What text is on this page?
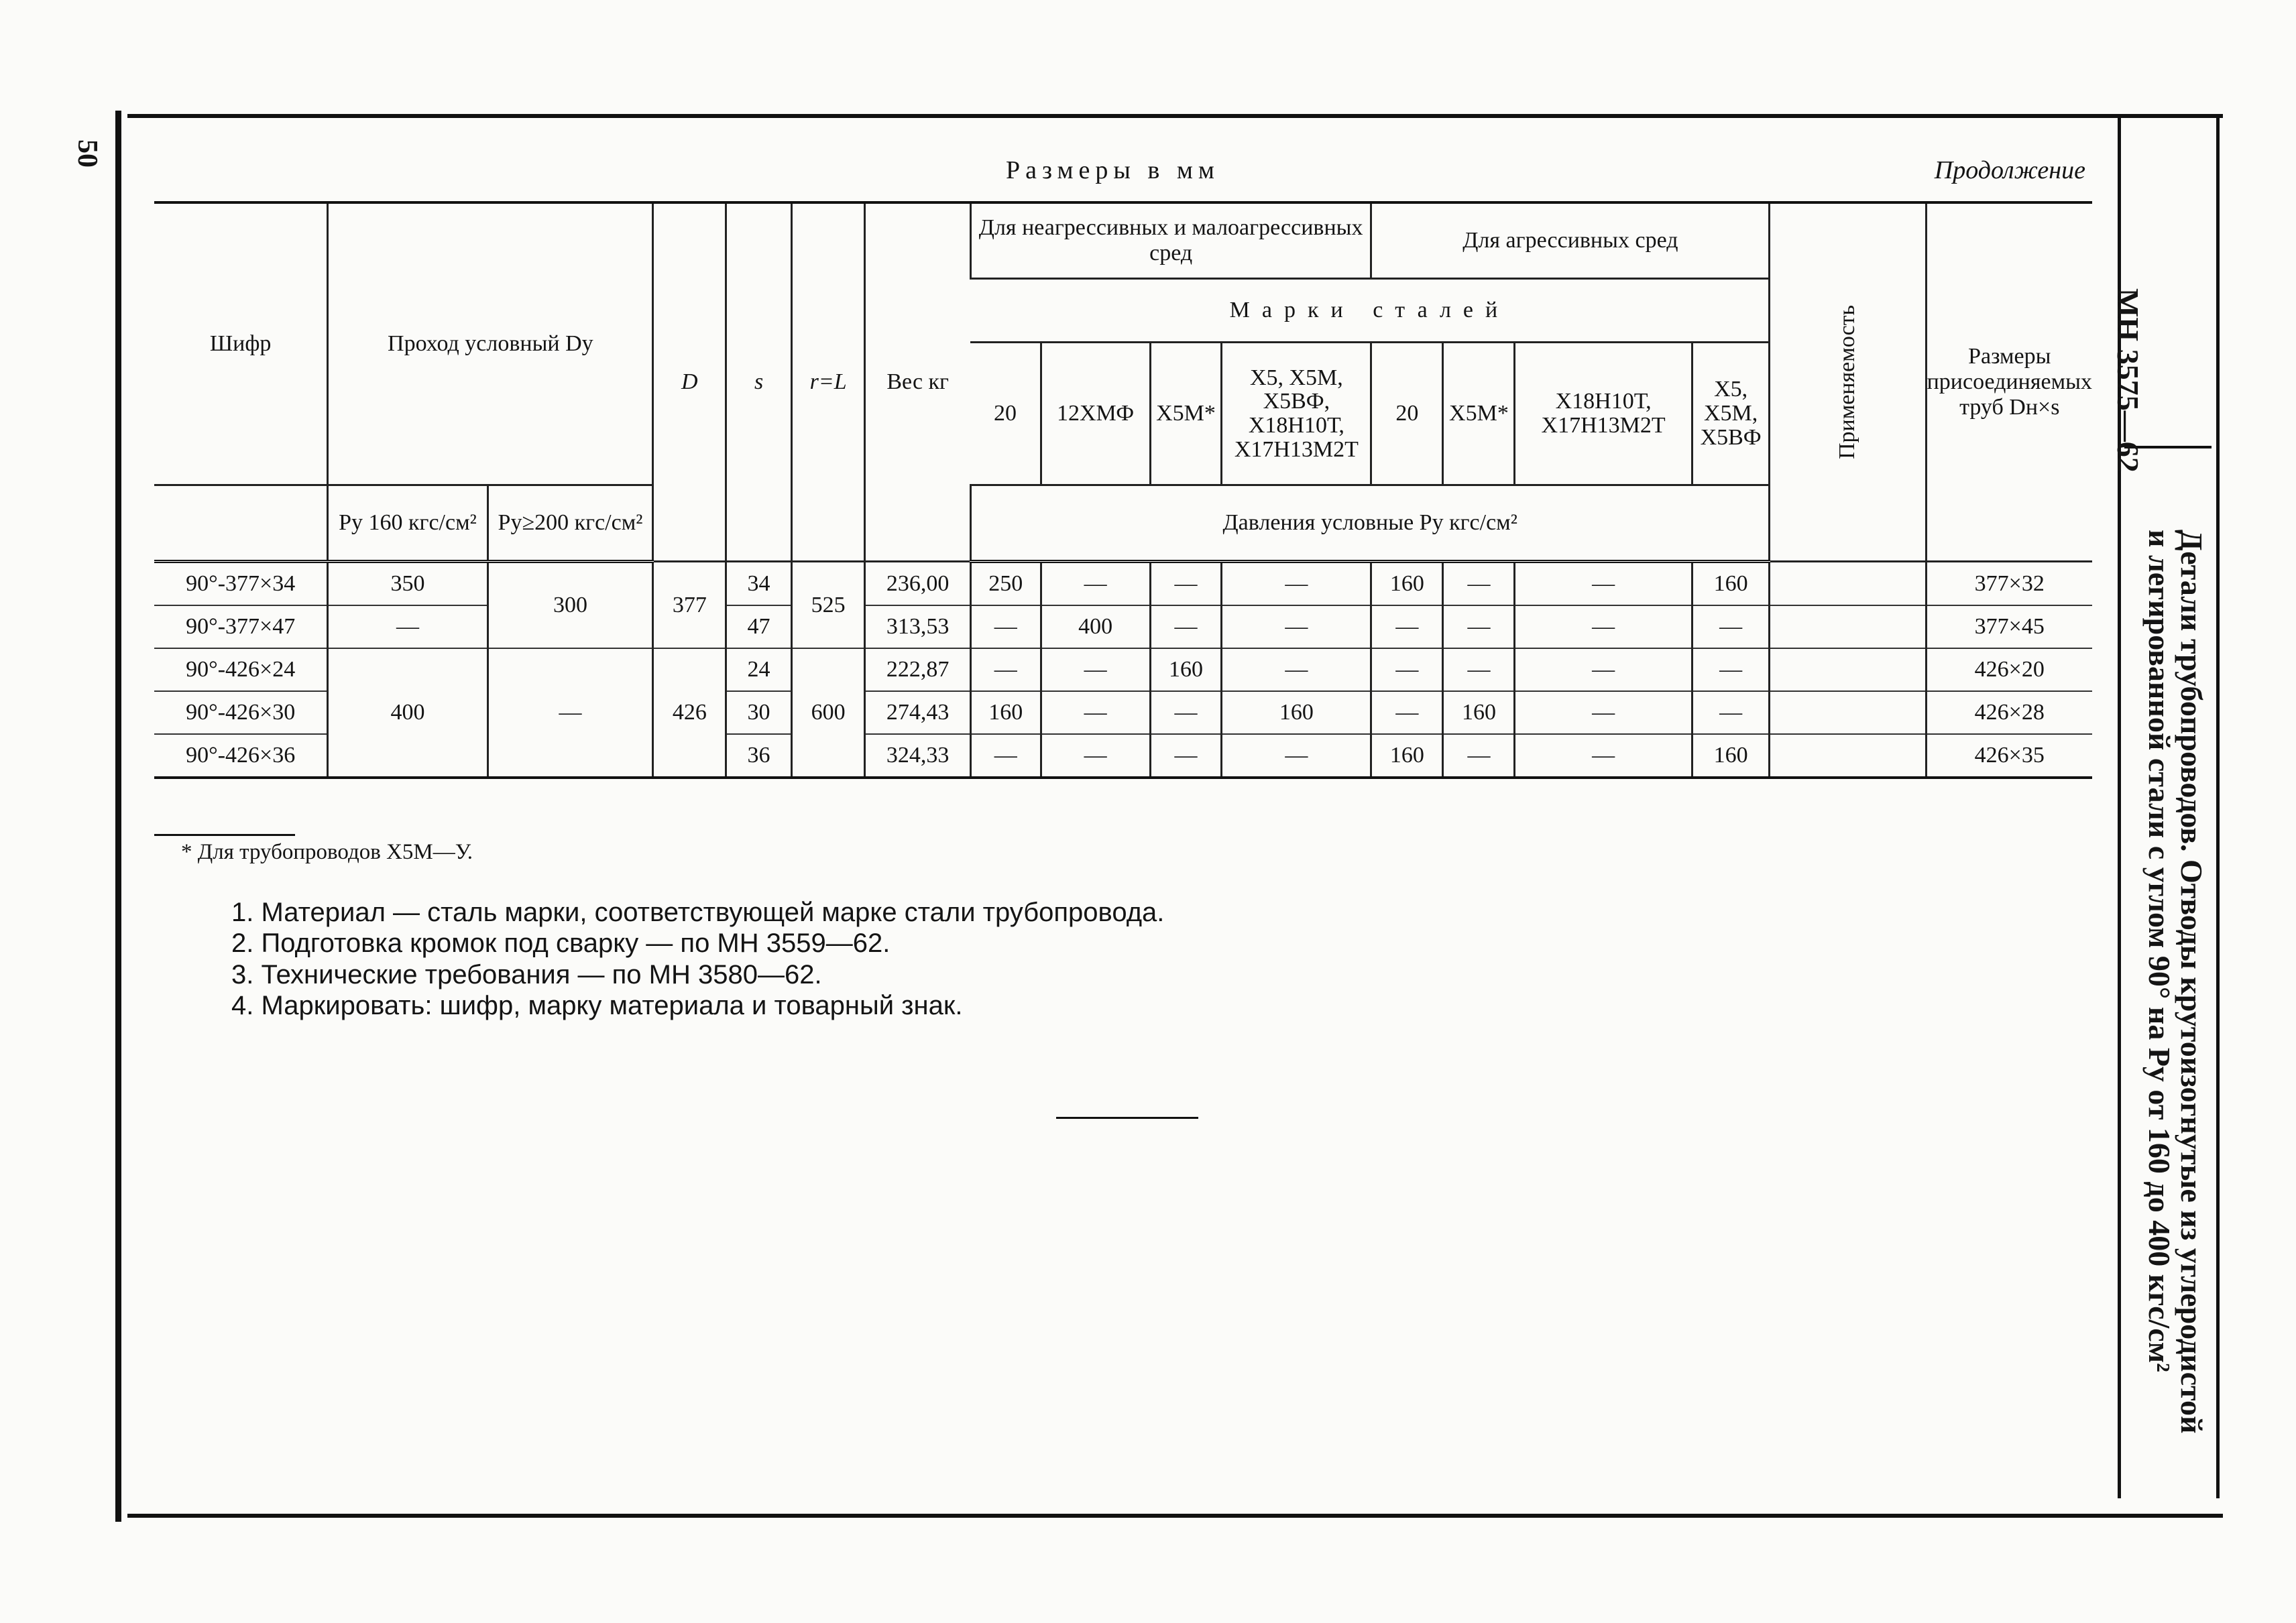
50
МН 3575—62
Детали трубопроводов. Отводы крутоизогнутые из углеродистой
и легированной стали с углом 90° на Pу от 160 до 400 кгс/см²
Размеры в мм	Продолжение
Шифр	Проход условный Dу		D	s	r=L	Вес кг	Для неагрессивных и малоагрессивных сред				Для агрессивных сред				Применяемость	Размеры присоединяемых труб Dн×s
							Марки сталей									
							20	12ХМФ	Х5М*	Х5, Х5М, Х5ВФ, Х18Н10Т, Х17Н13М2Т	20	Х5М*	Х18Н10Т, Х17Н13М2Т	Х5, Х5М, Х5ВФ		
	Pу 160 кгс/см²	Pу≥200 кгс/см²					Давления условные Pу кгс/см²									
90°-377×34	350	300	377	34	525	236,00	250	—	—	—	160	—	—	160		377×32
90°-377×47	—			47		313,53	—	400	—	—	—	—	—	—		377×45
90°-426×24	400	—	426	24	600	222,87	—	—	160	—	—	—	—	—		426×20
90°-426×30				30		274,43	160	—	—	160	—	160	—	—		426×28
90°-426×36				36		324,33	—	—	—	—	160	—	—	160		426×35
* Для трубопроводов Х5М—У.
1. Материал — сталь марки, соответствующей марке стали трубопровода.
2. Подготовка кромок под сварку — по МН 3559—62.
3. Технические требования — по МН 3580—62.
4. Маркировать: шифр, марку материала и товарный знак.
